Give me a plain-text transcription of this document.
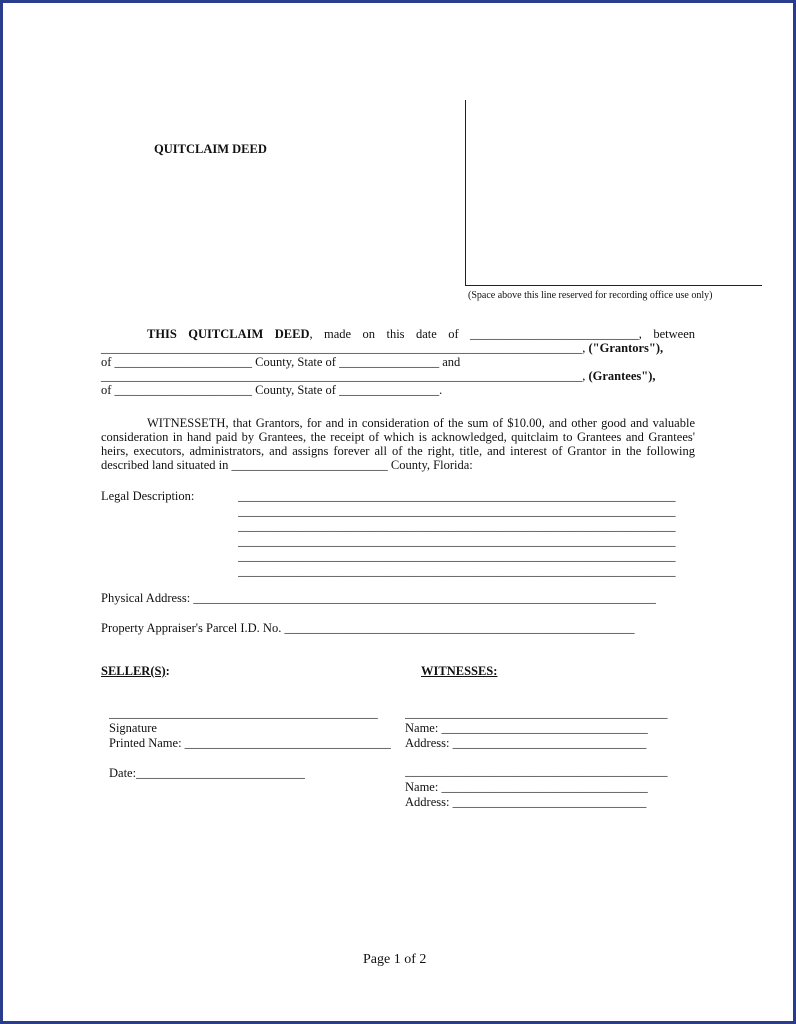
QUITCLAIM DEED
(Space above this line reserved for recording office use only)
THIS QUITCLAIM DEED, made on this date of ___________________________, between
_____________________________________________________________________________, ("Grantors"),
of ______________________ County, State of ________________ and
_____________________________________________________________________________, (Grantees"),
of ______________________ County, State of ________________.
WITNESSETH, that Grantors, for and in consideration of the sum of $10.00, and other good and valuable
consideration in hand paid by Grantees, the receipt of which is acknowledged, quitclaim to Grantees and Grantees'
heirs, executors, administrators, and assigns forever all of the right, title, and interest of Grantor in the following
described land situated in _________________________ County, Florida:
Legal Description:	______________________________________________________________________
______________________________________________________________________
______________________________________________________________________
______________________________________________________________________
______________________________________________________________________
______________________________________________________________________
Physical Address: __________________________________________________________________________
Property Appraiser's Parcel I.D. No. ________________________________________________________
SELLER(S):
___________________________________________
Signature
Printed Name: _________________________________
Date:___________________________
WITNESSES:
__________________________________________
Name: _________________________________
Address: _______________________________
__________________________________________
Name: _________________________________
Address: _______________________________
Page 1 of 2
